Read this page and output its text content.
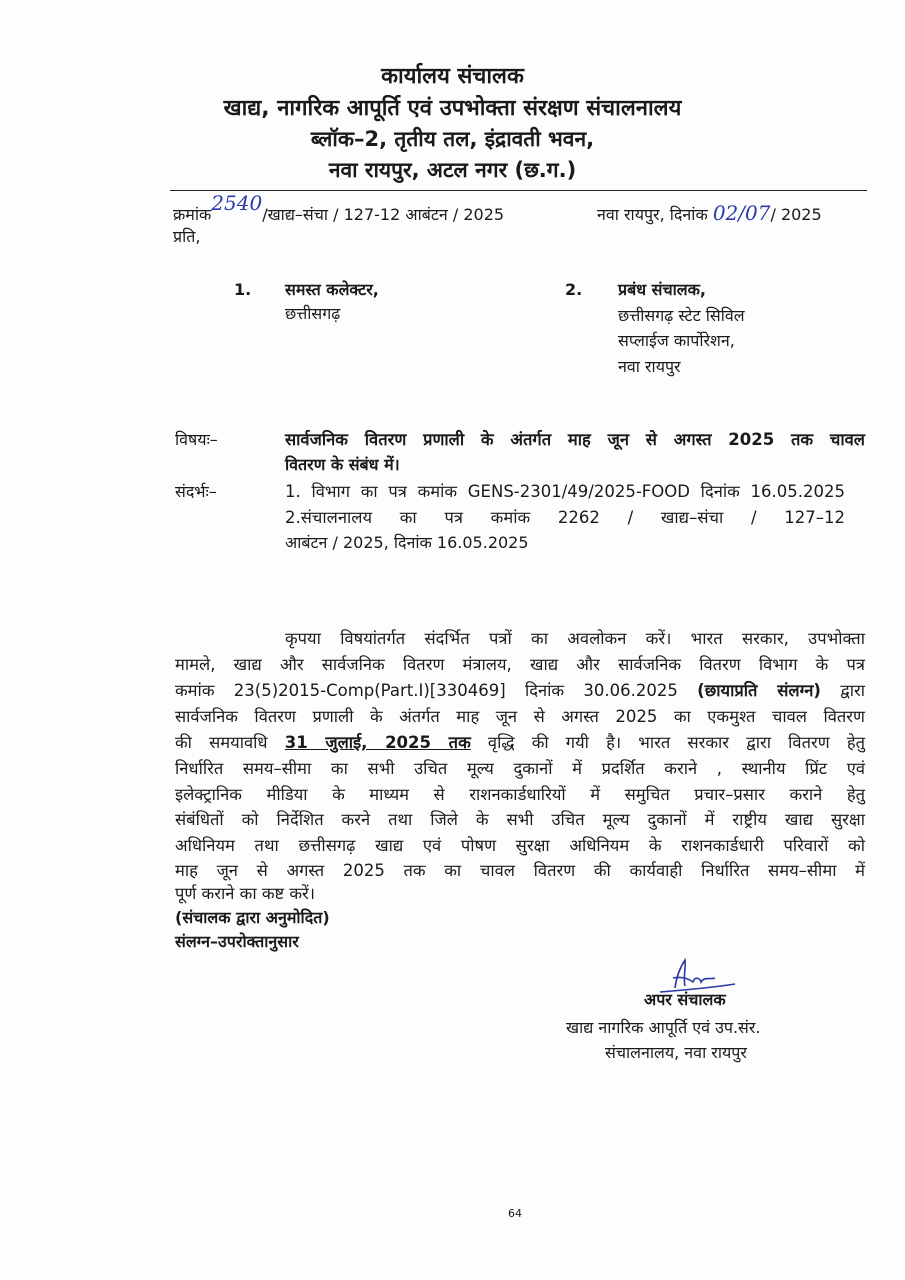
कार्यालय संचालक
खाद्य, नागरिक आपूर्ति एवं उपभोक्ता संरक्षण संचालनालय
ब्लॉक–2, तृतीय तल, इंद्रावती भवन,
नवा रायपुर, अटल नगर (छ.ग.)
क्रमांक2540/खाद्य–संचा / 127-12 आबंटन / 2025	नवा रायपुर, दिनांक 02/07/ 2025
प्रति,
1. समस्त कलेक्टर,
छत्तीसगढ़
2. प्रबंध संचालक,
छत्तीसगढ़ स्टेट सिविल
सप्लाईज कार्पोरेशन,
नवा रायपुर
विषयः–	सार्वजनिक वितरण प्रणाली के अंतर्गत माह जून से अगस्त 2025 तक चावल
वितरण के संबंध में।
संदर्भः–	1. विभाग का पत्र कमांक GENS-2301/49/2025-FOOD दिनांक 16.05.2025
2.संचालनालय का पत्र कमांक 2262 / खाद्य–संचा / 127–12
आबंटन / 2025, दिनांक 16.05.2025
कृपया विषयांतर्गत संदर्भित पत्रों का अवलोकन करें। भारत सरकार, उपभोक्ता
मामले, खाद्य और सार्वजनिक वितरण मंत्रालय, खाद्य और सार्वजनिक वितरण विभाग के पत्र
कमांक 23(5)2015-Comp(Part.I)[330469] दिनांक 30.06.2025 (छायाप्रति संलग्न) द्वारा
सार्वजनिक वितरण प्रणाली के अंतर्गत माह जून से अगस्त 2025 का एकमुश्त चावल वितरण
की समयावधि 31 जुलाई, 2025 तक वृद्धि की गयी है। भारत सरकार द्वारा वितरण हेतु
निर्धारित समय–सीमा का सभी उचित मूल्य दुकानों में प्रदर्शित कराने , स्थानीय प्रिंट एवं
इलेक्ट्रानिक मीडिया के माध्यम से राशनकार्डधारियों में समुचित प्रचार–प्रसार कराने हेतु
संबंधितों को निर्देशित करने तथा जिले के सभी उचित मूल्य दुकानों में राष्ट्रीय खाद्य सुरक्षा
अधिनियम तथा छत्तीसगढ़ खाद्य एवं पोषण सुरक्षा अधिनियम के राशनकार्डधारी परिवारों को
माह जून से अगस्त 2025 तक का चावल वितरण की कार्यवाही निर्धारित समय–सीमा में
पूर्ण कराने का कष्ट करें।
(संचालक द्वारा अनुमोदित)
संलग्न–उपरोक्तानुसार
अपर संचालक
खाद्य नागरिक आपूर्ति एवं उप.संर.
संचालनालय, नवा रायपुर
64
